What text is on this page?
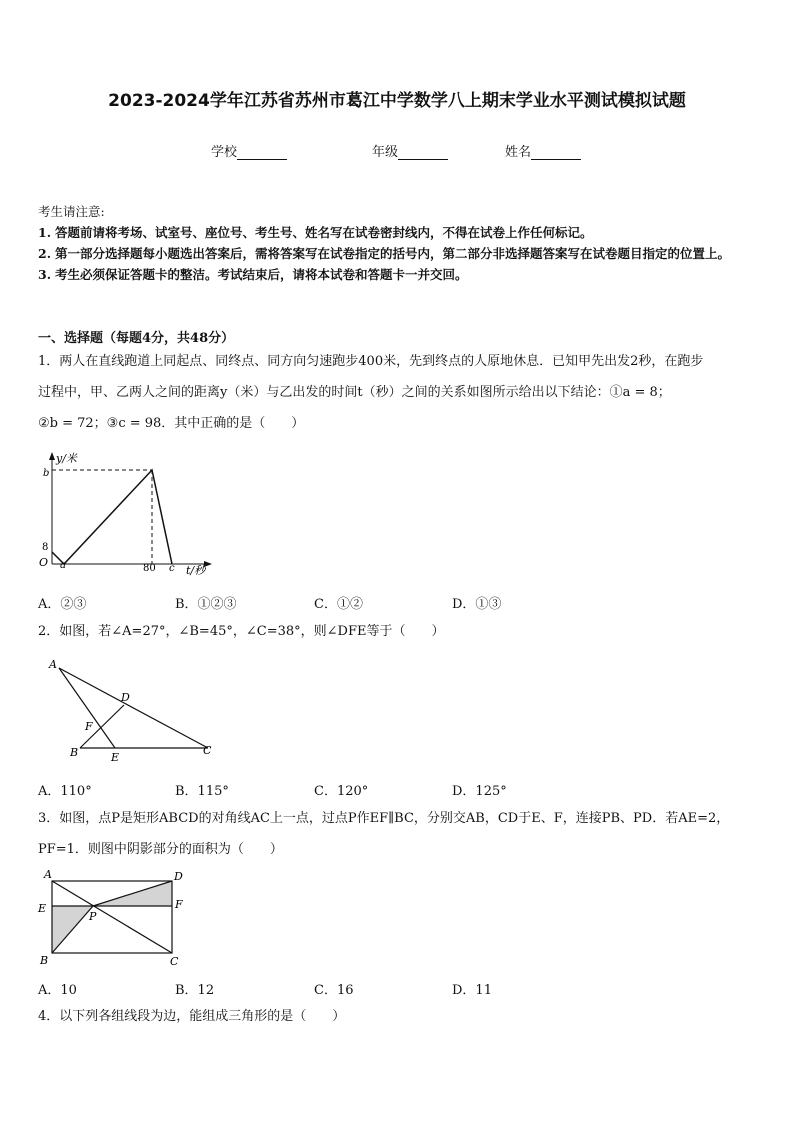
2023-2024学年江苏省苏州市葛江中学数学八上期末学业水平测试模拟试题
学校	年级	姓名
考生请注意:
1. 答题前请将考场、试室号、座位号、考生号、姓名写在试卷密封线内，不得在试卷上作任何标记。
2. 第一部分选择题每小题选出答案后，需将答案写在试卷指定的括号内，第二部分非选择题答案写在试卷题目指定的位置上。
3. 考生必须保证答题卡的整洁。考试结束后，请将本试卷和答题卡一并交回。
一、选择题（每题4分，共48分）
1．两人在直线跑道上同起点、同终点、同方向匀速跑步400米，先到终点的人原地休息．已知甲先出发2秒，在跑步
过程中，甲、乙两人之间的距离y（米）与乙出发的时间t（秒）之间的关系如图所示给出以下结论：①a = 8；
②b = 72；③c = 98．其中正确的是（　　）
y/米
t/秒
O a	80 c
8
b
A．②③	B．①②③	C．①②	D．①③
2．如图，若∠A=27°，∠B=45°，∠C=38°，则∠DFE等于（　　）
A
B	C
D
E
F
A．110°	B．115°	C．120°	D．125°
3．如图，点P是矩形ABCD的对角线AC上一点，过点P作EF∥BC，分别交AB，CD于E、F，连接PB、PD．若AE=2，
PF=1．则图中阴影部分的面积为（　　）
A
B	C
D
E	F
P
A．10	B．12	C．16	D．11
4．以下列各组线段为边，能组成三角形的是（　　）
